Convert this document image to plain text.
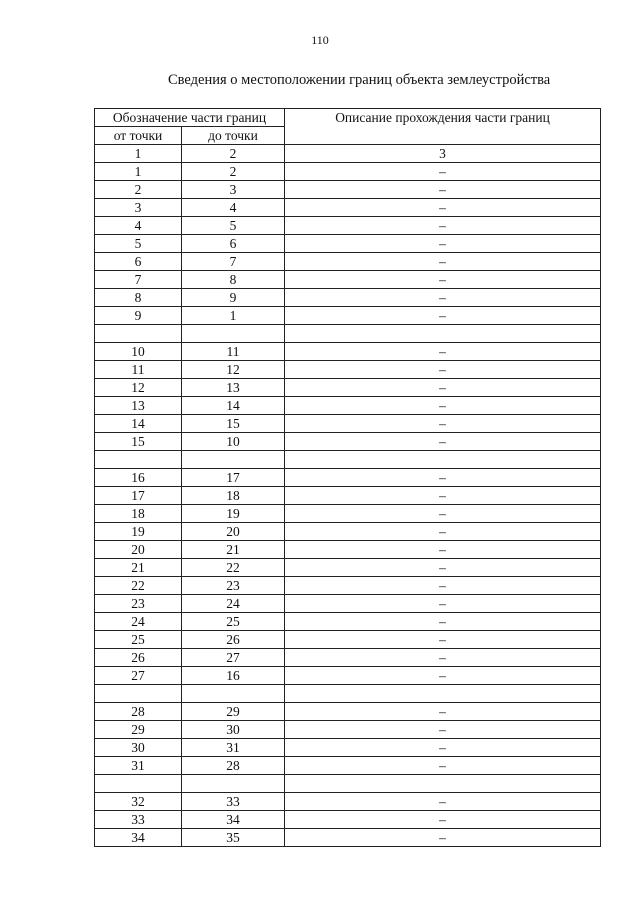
110
Сведения о местоположении границ объекта землеустройства
Обозначение части границ		Описание прохождения части границ
от точки	до точки	
1	2	3
1	2	–
2	3	–
3	4	–
4	5	–
5	6	–
6	7	–
7	8	–
8	9	–
9	1	–

10	11	–
11	12	–
12	13	–
13	14	–
14	15	–
15	10	–

16	17	–
17	18	–
18	19	–
19	20	–
20	21	–
21	22	–
22	23	–
23	24	–
24	25	–
25	26	–
26	27	–
27	16	–

28	29	–
29	30	–
30	31	–
31	28	–

32	33	–
33	34	–
34	35	–
